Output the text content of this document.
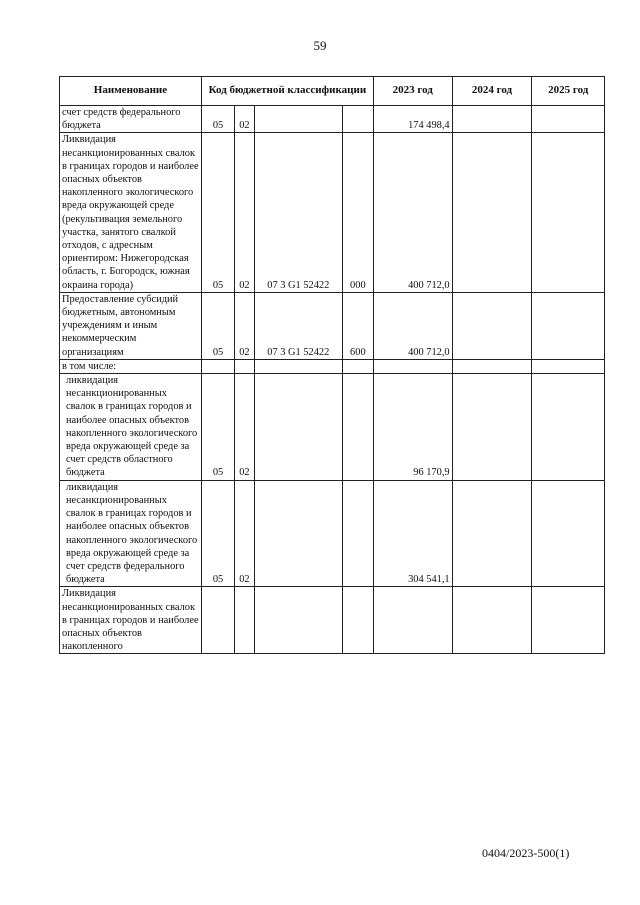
59
Наименование	Код бюджетной классификации				2023 год	2024 год	2025 год
счет средств федерального бюджета	05	02			174 498,4		
Ликвидация несанкционированных свалок в границах городов и наиболее опасных объектов накопленного экологического вреда окружающей среде (рекультивация земельного участка, занятого свалкой отходов, с адресным ориентиром: Нижегородская область, г. Богородск, южная окраина города)	05	02	07 3 G1 52422	000	400 712,0		
Предоставление субсидий бюджетным, автономным учреждениям и иным некоммерческим организациям	05	02	07 3 G1 52422	600	400 712,0		
в том числе:							
ликвидация несанкционированных свалок в границах городов и наиболее опасных объектов накопленного экологического вреда окружающей среде за счет средств областного бюджета	05	02			96 170,9		
ликвидация несанкционированных свалок в границах городов и наиболее опасных объектов накопленного экологического вреда окружающей среде за счет средств федерального бюджета	05	02			304 541,1		
Ликвидация несанкционированных свалок в границах городов и наиболее опасных объектов накопленного							
0404/2023-500(1)
